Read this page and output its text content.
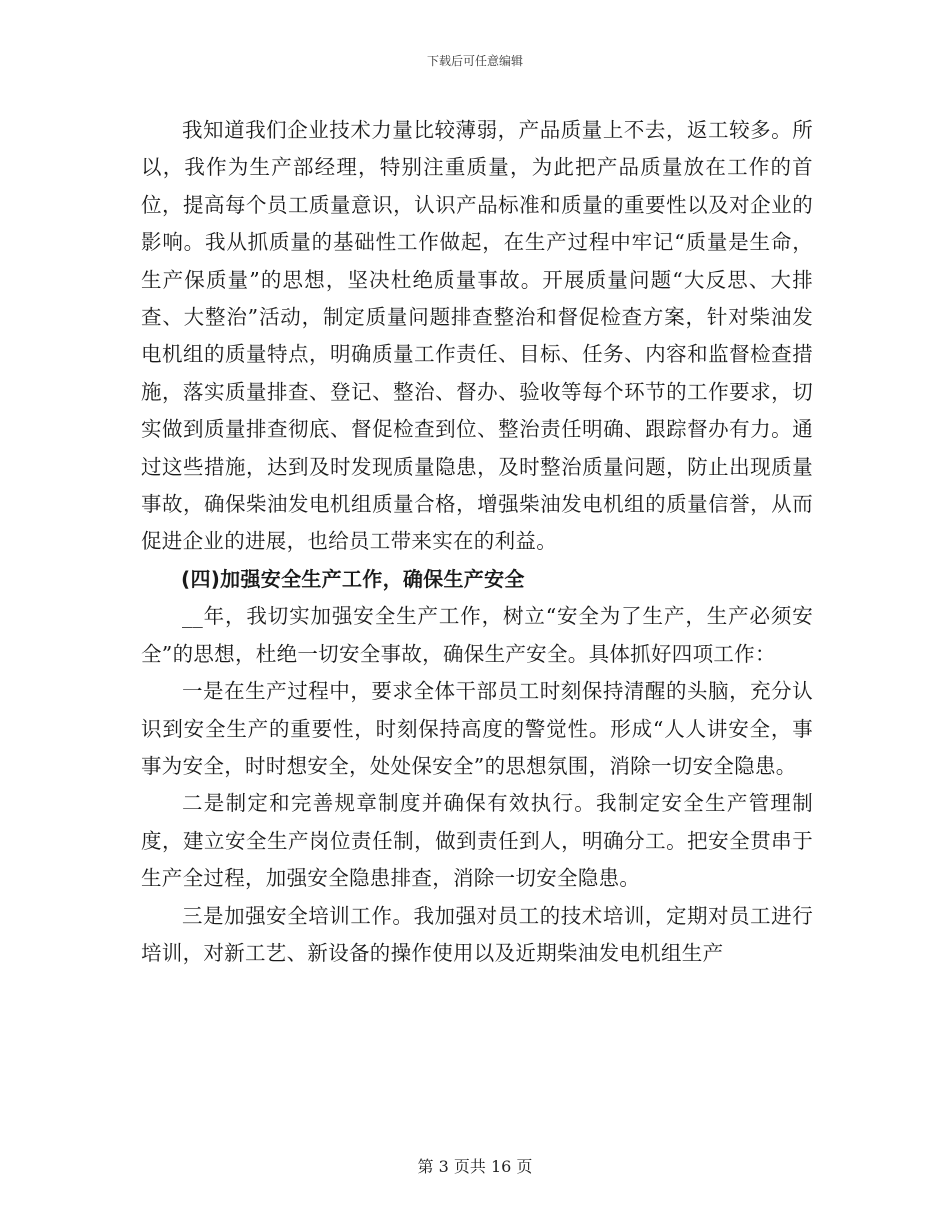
下载后可任意编辑

我知道我们企业技术力量比较薄弱，产品质量上不去，返工较多。所以，我作为生产部经理，特别注重质量，为此把产品质量放在工作的首位，提高每个员工质量意识，认识产品标准和质量的重要性以及对企业的影响。我从抓质量的基础性工作做起，在生产过程中牢记“质量是生命，生产保质量”的思想，坚决杜绝质量事故。开展质量问题“大反思、大排查、大整治”活动，制定质量问题排查整治和督促检查方案，针对柴油发电机组的质量特点，明确质量工作责任、目标、任务、内容和监督检查措施，落实质量排查、登记、整治、督办、验收等每个环节的工作要求，切实做到质量排查彻底、督促检查到位、整治责任明确、跟踪督办有力。通过这些措施，达到及时发现质量隐患，及时整治质量问题，防止出现质量事故，确保柴油发电机组质量合格，增强柴油发电机组的质量信誉，从而促进企业的进展，也给员工带来实在的利益。

(四)加强安全生产工作，确保生产安全

__年，我切实加强安全生产工作，树立“安全为了生产，生产必须安全”的思想，杜绝一切安全事故，确保生产安全。具体抓好四项工作：

一是在生产过程中，要求全体干部员工时刻保持清醒的头脑，充分认识到安全生产的重要性，时刻保持高度的警觉性。形成“人人讲安全，事事为安全，时时想安全，处处保安全”的思想氛围，消除一切安全隐患。

二是制定和完善规章制度并确保有效执行。我制定安全生产管理制度，建立安全生产岗位责任制，做到责任到人，明确分工。把安全贯串于生产全过程，加强安全隐患排查，消除一切安全隐患。

三是加强安全培训工作。我加强对员工的技术培训，定期对员工进行培训，对新工艺、新设备的操作使用以及近期柴油发电机组生产

第 3 页共 16 页
